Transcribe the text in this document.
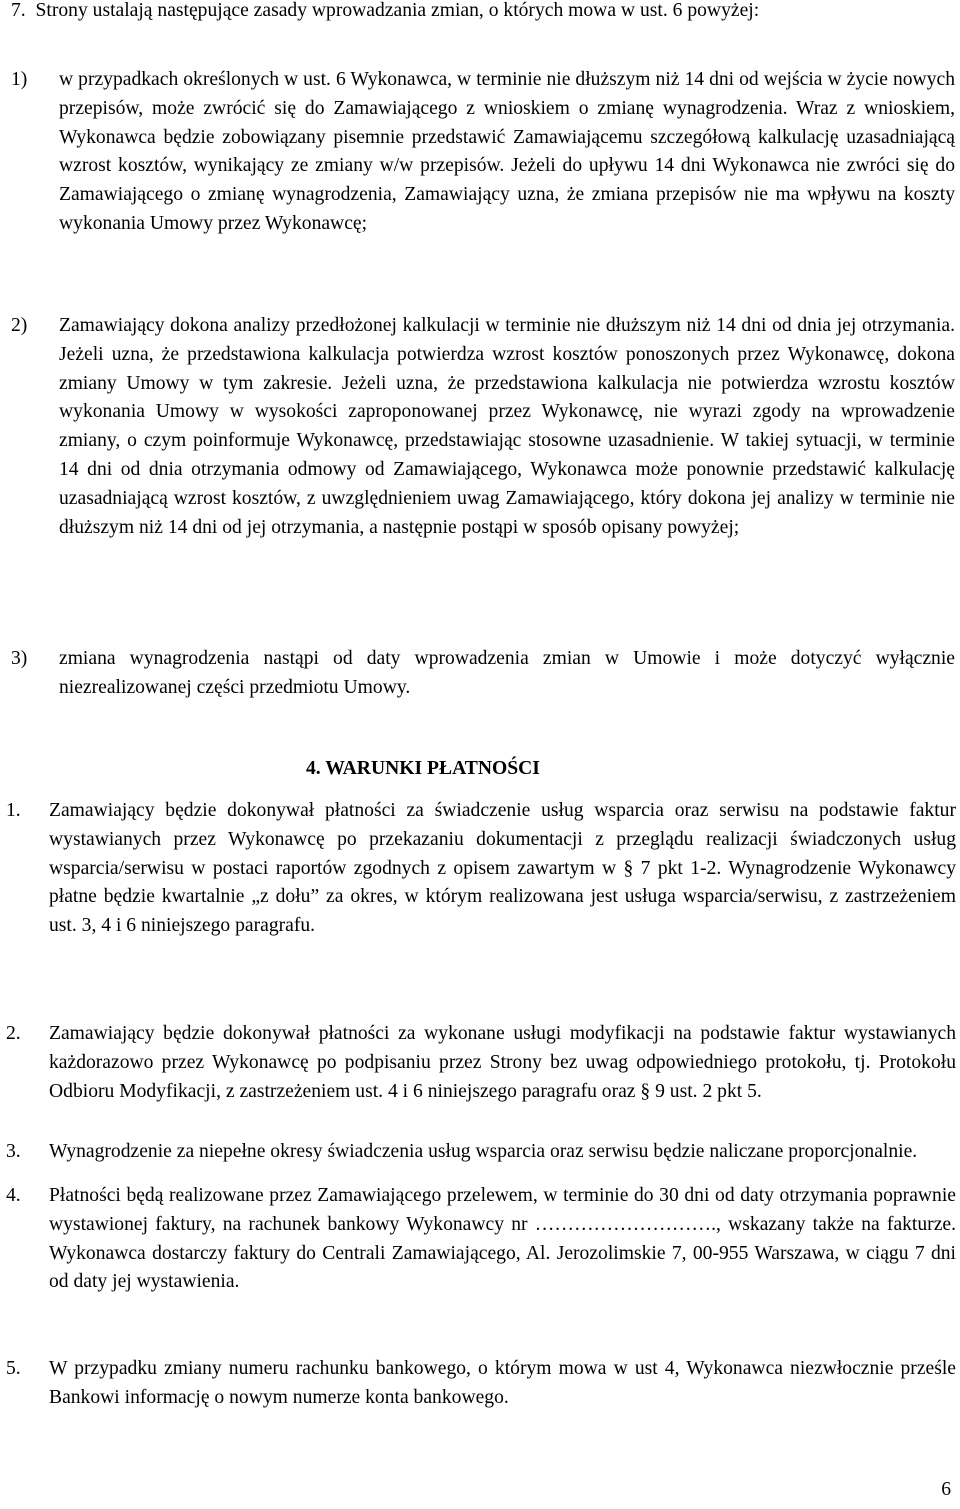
7. Strony ustalają następujące zasady wprowadzania zmian, o których mowa w ust. 6 powyżej:
1) w przypadkach określonych w ust. 6 Wykonawca, w terminie nie dłuższym niż 14 dni od wejścia w życie nowych przepisów, może zwrócić się do Zamawiającego z wnioskiem o zmianę wynagrodzenia. Wraz z wnioskiem, Wykonawca będzie zobowiązany pisemnie przedstawić Zamawiającemu szczegółową kalkulację uzasadniającą wzrost kosztów, wynikający ze zmiany w/w przepisów. Jeżeli do upływu 14 dni Wykonawca nie zwróci się do Zamawiającego o zmianę wynagrodzenia, Zamawiający uzna, że zmiana przepisów nie ma wpływu na koszty wykonania Umowy przez Wykonawcę;
2) Zamawiający dokona analizy przedłożonej kalkulacji w terminie nie dłuższym niż 14 dni od dnia jej otrzymania. Jeżeli uzna, że przedstawiona kalkulacja potwierdza wzrost kosztów ponoszonych przez Wykonawcę, dokona zmiany Umowy w tym zakresie. Jeżeli uzna, że przedstawiona kalkulacja nie potwierdza wzrostu kosztów wykonania Umowy w wysokości zaproponowanej przez Wykonawcę, nie wyrazi zgody na wprowadzenie zmiany, o czym poinformuje Wykonawcę, przedstawiając stosowne uzasadnienie. W takiej sytuacji, w terminie 14 dni od dnia otrzymania odmowy od Zamawiającego, Wykonawca może ponownie przedstawić kalkulację uzasadniającą wzrost kosztów, z uwzględnieniem uwag Zamawiającego, który dokona jej analizy w terminie nie dłuższym niż 14 dni od jej otrzymania, a następnie postąpi w sposób opisany powyżej;
3) zmiana wynagrodzenia nastąpi od daty wprowadzenia zmian w Umowie i może dotyczyć wyłącznie niezrealizowanej części przedmiotu Umowy.
4. WARUNKI PŁATNOŚCI
1. Zamawiający będzie dokonywał płatności za świadczenie usług wsparcia oraz serwisu na podstawie faktur wystawianych przez Wykonawcę po przekazaniu dokumentacji z przeglądu realizacji świadczonych usług wsparcia/serwisu w postaci raportów zgodnych z opisem zawartym w § 7 pkt 1-2. Wynagrodzenie Wykonawcy płatne będzie kwartalnie „z dołu” za okres, w którym realizowana jest usługa wsparcia/serwisu, z zastrzeżeniem ust. 3, 4 i 6 niniejszego paragrafu.
2. Zamawiający będzie dokonywał płatności za wykonane usługi modyfikacji na podstawie faktur wystawianych każdorazowo przez Wykonawcę po podpisaniu przez Strony bez uwag odpowiedniego protokołu, tj. Protokołu Odbioru Modyfikacji, z zastrzeżeniem ust. 4 i 6 niniejszego paragrafu oraz § 9 ust. 2 pkt 5.
3. Wynagrodzenie za niepełne okresy świadczenia usług wsparcia oraz serwisu będzie naliczane proporcjonalnie.
4. Płatności będą realizowane przez Zamawiającego przelewem, w terminie do 30 dni od daty otrzymania poprawnie wystawionej faktury, na rachunek bankowy Wykonawcy nr ………………………., wskazany także na fakturze. Wykonawca dostarczy faktury do Centrali Zamawiającego, Al. Jerozolimskie 7, 00-955 Warszawa, w ciągu 7 dni od daty jej wystawienia.
5. W przypadku zmiany numeru rachunku bankowego, o którym mowa w ust 4, Wykonawca niezwłocznie prześle Bankowi informację o nowym numerze konta bankowego.
6
